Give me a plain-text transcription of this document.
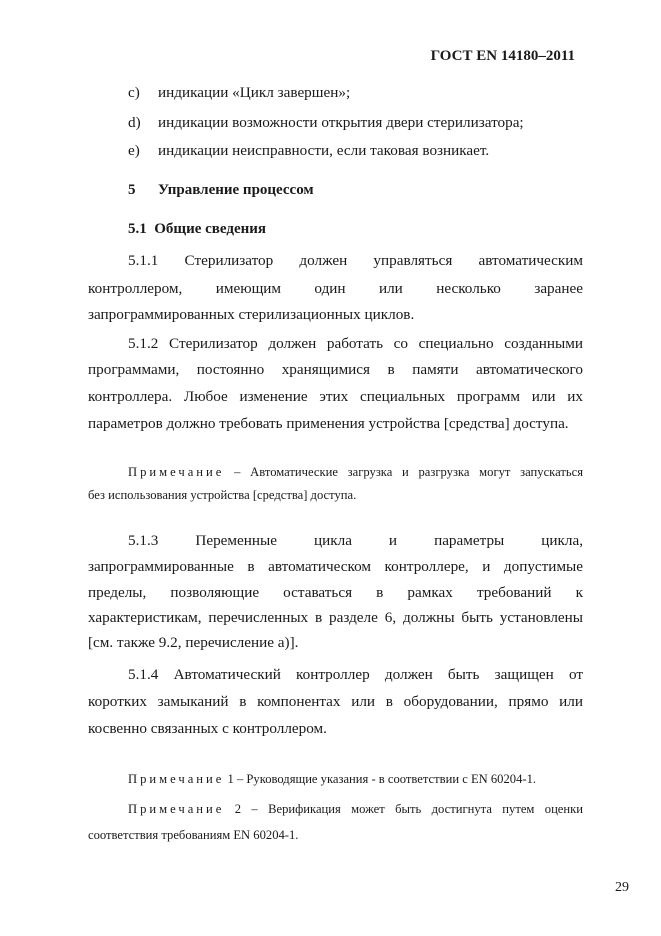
ГОСТ EN 14180–2011
c) индикации «Цикл завершен»;
d) индикации возможности открытия двери стерилизатора;
e) индикации неисправности, если таковая возникает.
5 Управление процессом
5.1 Общие сведения
5.1.1 Стерилизатор должен управляться автоматическим
контроллером, имеющим один или несколько заранее
запрограммированных стерилизационных циклов.
5.1.2 Стерилизатор должен работать со специально созданными
программами, постоянно хранящимися в памяти автоматического
контроллера. Любое изменение этих специальных программ или их
параметров должно требовать применения устройства [средства] доступа.
Примечание – Автоматические загрузка и разгрузка могут запускаться
без использования устройства [средства] доступа.
5.1.3 Переменные цикла и параметры цикла,
запрограммированные в автоматическом контроллере, и допустимые
пределы, позволяющие оставаться в рамках требований к
характеристикам, перечисленных в разделе 6, должны быть установлены
[см. также 9.2, перечисление а)].
5.1.4 Автоматический контроллер должен быть защищен от
коротких замыканий в компонентах или в оборудовании, прямо или
косвенно связанных с контроллером.
Примечание 1 – Руководящие указания - в соответствии с EN 60204-1.
Примечание 2 – Верификация может быть достигнута путем оценки
соответствия требованиям EN 60204-1.
29
